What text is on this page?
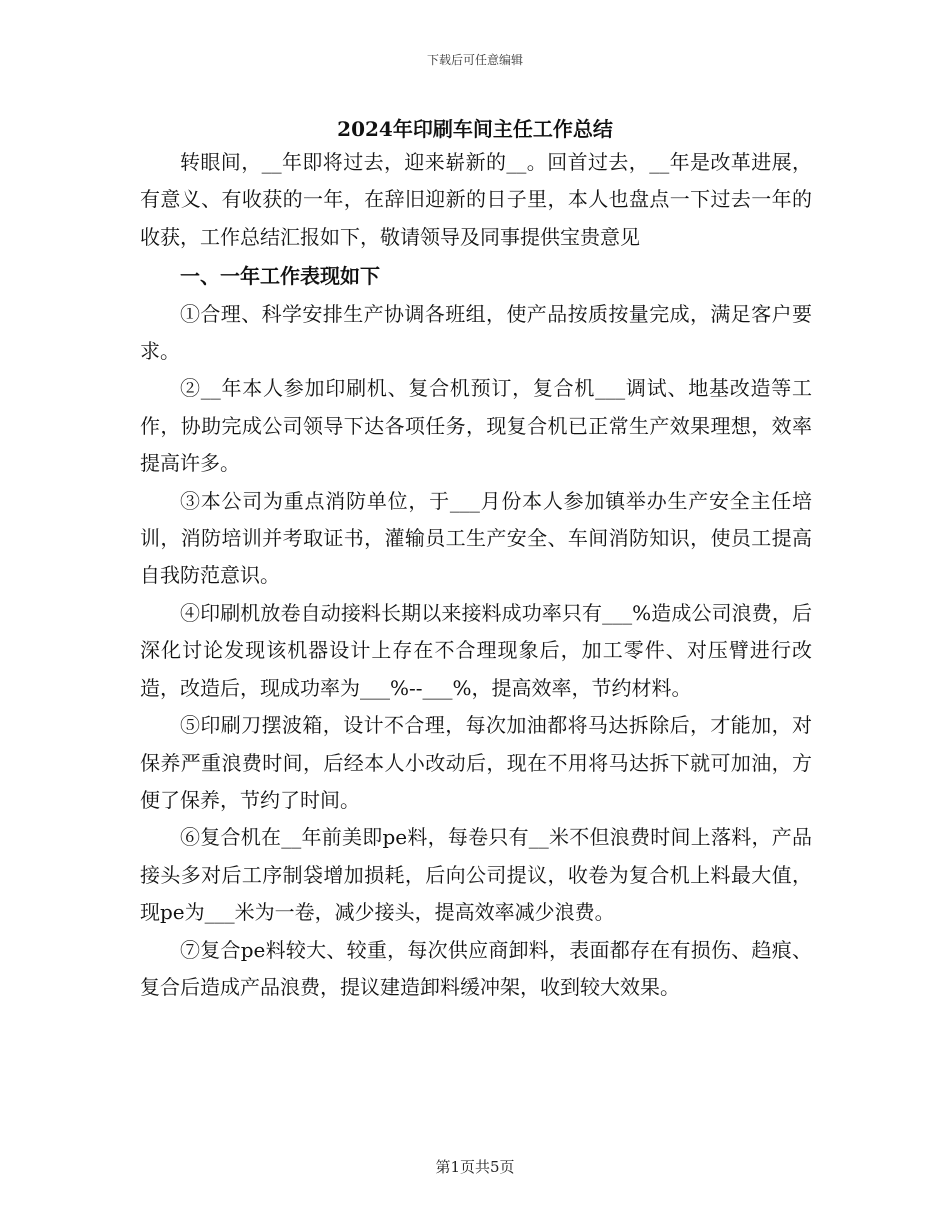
下载后可任意编辑
2024年印刷车间主任工作总结

转眼间，__年即将过去，迎来崭新的__。回首过去，__年是改革进展，有意义、有收获的一年，在辞旧迎新的日子里，本人也盘点一下过去一年的收获，工作总结汇报如下，敬请领导及同事提供宝贵意见

一、一年工作表现如下

①合理、科学安排生产协调各班组，使产品按质按量完成，满足客户要求。

②__年本人参加印刷机、复合机预订，复合机___调试、地基改造等工作，协助完成公司领导下达各项任务，现复合机已正常生产效果理想，效率提高许多。

③本公司为重点消防单位，于___月份本人参加镇举办生产安全主任培训，消防培训并考取证书，灌输员工生产安全、车间消防知识，使员工提高自我防范意识。

④印刷机放卷自动接料长期以来接料成功率只有___%造成公司浪费，后深化讨论发现该机器设计上存在不合理现象后，加工零件、对压臂进行改造，改造后，现成功率为___%--___%，提高效率，节约材料。

⑤印刷刀摆波箱，设计不合理，每次加油都将马达拆除后，才能加，对保养严重浪费时间，后经本人小改动后，现在不用将马达拆下就可加油，方便了保养，节约了时间。

⑥复合机在__年前美即pe料，每卷只有__米不但浪费时间上落料，产品接头多对后工序制袋增加损耗，后向公司提议，收卷为复合机上料最大值，现pe为___米为一卷，减少接头，提高效率减少浪费。

⑦复合pe料较大、较重，每次供应商卸料，表面都存在有损伤、趋痕、复合后造成产品浪费，提议建造卸料缓冲架，收到较大效果。

第1页共5页
